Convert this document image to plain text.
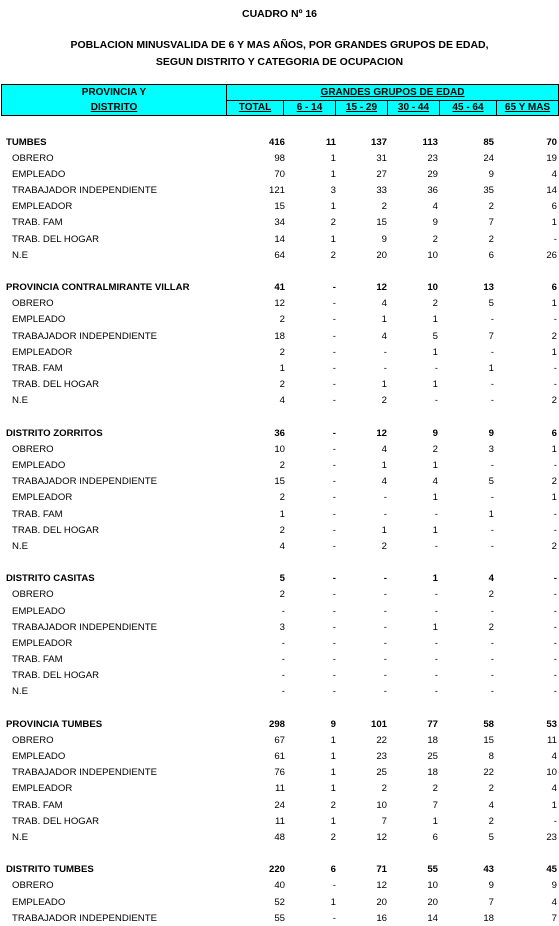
CUADRO Nº 16
POBLACION MINUSVALIDA DE 6 Y MAS AÑOS, POR GRANDES GRUPOS DE EDAD,
SEGUN DISTRITO Y CATEGORIA DE OCUPACION
PROVINCIA Y
DISTRITO	GRANDES GRUPOS DE EDAD					
	TOTAL	6 - 14	15 - 29	30 - 44	45 - 64	65 Y MAS
TUMBES	416	11	137	113	85	70
OBRERO	98	1	31	23	24	19
EMPLEADO	70	1	27	29	9	4
TRABAJADOR INDEPENDIENTE	121	3	33	36	35	14
EMPLEADOR	15	1	2	4	2	6
TRAB. FAM	34	2	15	9	7	1
TRAB. DEL HOGAR	14	1	9	2	2	-
N.E	64	2	20	10	6	26

PROVINCIA CONTRALMIRANTE VILLAR	41	-	12	10	13	6
OBRERO	12	-	4	2	5	1
EMPLEADO	2	-	1	1	-	-
TRABAJADOR INDEPENDIENTE	18	-	4	5	7	2
EMPLEADOR	2	-	-	1	-	1
TRAB. FAM	1	-	-	-	1	-
TRAB. DEL HOGAR	2	-	1	1	-	-
N.E	4	-	2	-	-	2

DISTRITO ZORRITOS	36	-	12	9	9	6
OBRERO	10	-	4	2	3	1
EMPLEADO	2	-	1	1	-	-
TRABAJADOR INDEPENDIENTE	15	-	4	4	5	2
EMPLEADOR	2	-	-	1	-	1
TRAB. FAM	1	-	-	-	1	-
TRAB. DEL HOGAR	2	-	1	1	-	-
N.E	4	-	2	-	-	2

DISTRITO CASITAS	5	-	-	1	4	-
OBRERO	2	-	-	-	2	-
EMPLEADO	-	-	-	-	-	-
TRABAJADOR INDEPENDIENTE	3	-	-	1	2	-
EMPLEADOR	-	-	-	-	-	-
TRAB. FAM	-	-	-	-	-	-
TRAB. DEL HOGAR	-	-	-	-	-	-
N.E	-	-	-	-	-	-

PROVINCIA TUMBES	298	9	101	77	58	53
OBRERO	67	1	22	18	15	11
EMPLEADO	61	1	23	25	8	4
TRABAJADOR INDEPENDIENTE	76	1	25	18	22	10
EMPLEADOR	11	1	2	2	2	4
TRAB. FAM	24	2	10	7	4	1
TRAB. DEL HOGAR	11	1	7	1	2	-
N.E	48	2	12	6	5	23

DISTRITO TUMBES	220	6	71	55	43	45
OBRERO	40	-	12	10	9	9
EMPLEADO	52	1	20	20	7	4
TRABAJADOR INDEPENDIENTE	55	-	16	14	18	7
